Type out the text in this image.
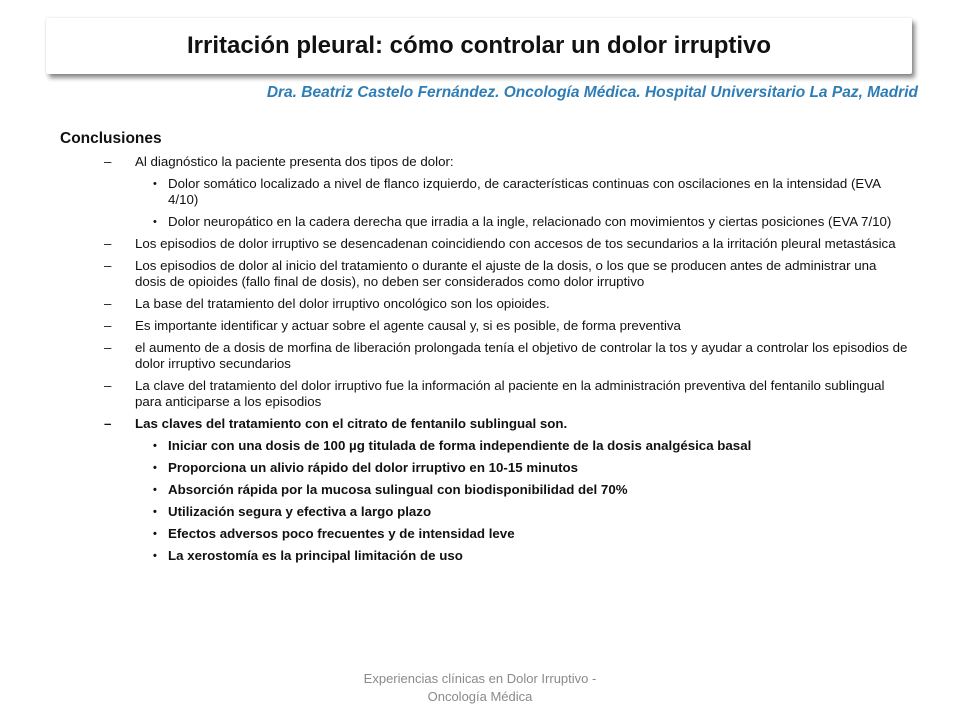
Irritación pleural: cómo controlar un dolor irruptivo
Dra. Beatriz Castelo Fernández. Oncología Médica. Hospital Universitario La Paz, Madrid
Conclusiones
– Al diagnóstico la paciente presenta dos tipos de dolor:
• Dolor somático localizado a nivel de flanco izquierdo, de características continuas con oscilaciones en la intensidad (EVA 4/10)
• Dolor neuropático en la cadera derecha que irradia a la ingle, relacionado con movimientos y ciertas posiciones (EVA 7/10)
– Los episodios de dolor irruptivo se desencadenan coincidiendo con accesos de tos secundarios a la irritación pleural metastásica
– Los episodios de dolor al inicio del tratamiento o durante el ajuste de la dosis, o los que se producen antes de administrar una dosis de opioides (fallo final de dosis), no deben ser considerados como dolor irruptivo
– La base del tratamiento del dolor irruptivo oncológico son los opioides.
– Es importante identificar y actuar sobre el agente causal y, si es posible, de forma preventiva
– el aumento de a dosis de morfina de liberación prolongada tenía el objetivo de controlar la tos y ayudar a controlar los episodios de dolor irruptivo secundarios
– La clave del tratamiento del dolor irruptivo fue la información al paciente en la administración preventiva del fentanilo sublingual para anticiparse a los episodios
– Las claves del tratamiento con el citrato de fentanilo sublingual son.
• Iniciar con una dosis de 100 µg titulada de forma independiente de la dosis analgésica basal
• Proporciona un alivio rápido del dolor irruptivo en 10-15 minutos
• Absorción rápida por la mucosa sulingual con biodisponibilidad del 70%
• Utilización segura y efectiva a largo plazo
• Efectos adversos poco frecuentes y de intensidad leve
• La xerostomía es la principal limitación de uso
Experiencias clínicas en Dolor Irruptivo -
Oncología Médica
